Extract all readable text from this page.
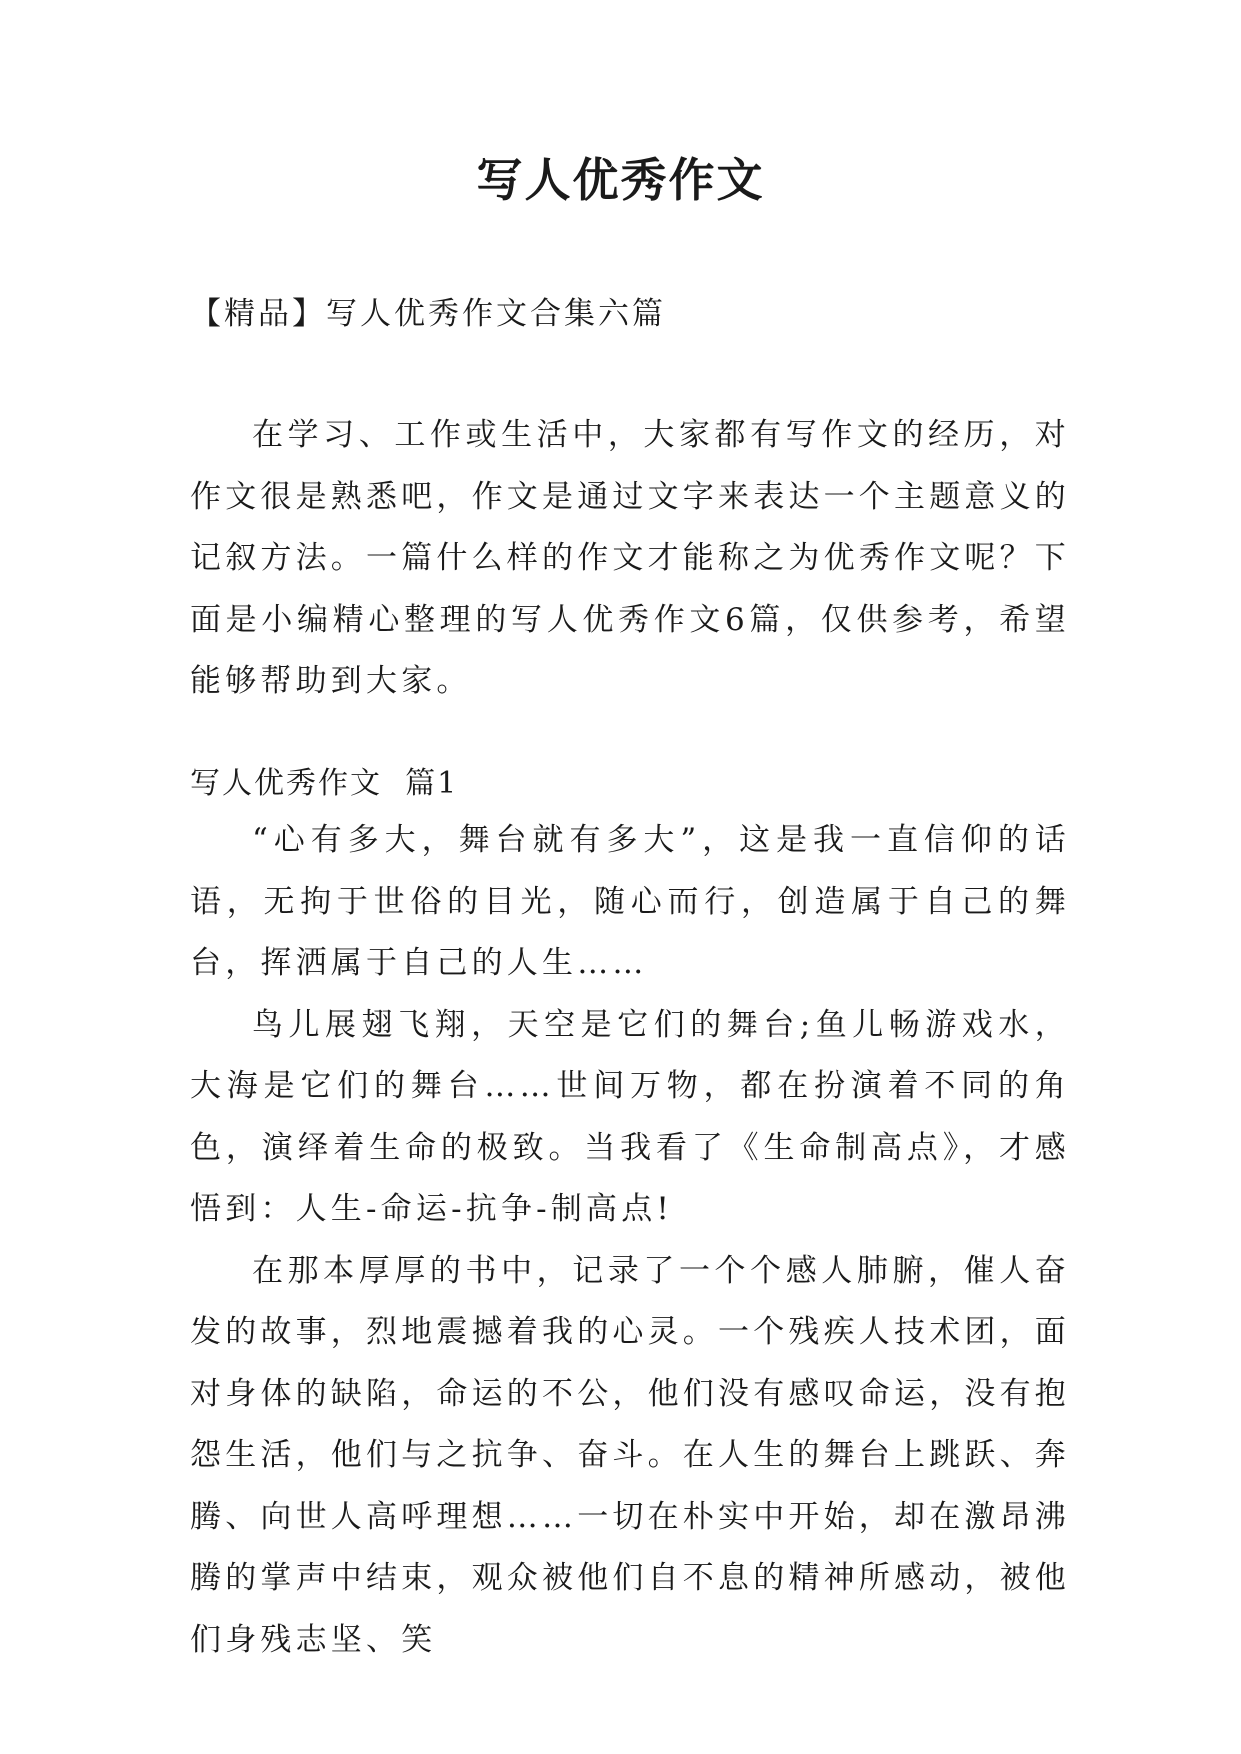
写人优秀作文
【精品】写人优秀作文合集六篇

在学习、工作或生活中，大家都有写作文的经历，对作文很是熟悉吧，作文是通过文字来表达一个主题意义的记叙方法。一篇什么样的作文才能称之为优秀作文呢？下面是小编精心整理的写人优秀作文6篇，仅供参考，希望能够帮助到大家。

写人优秀作文  篇1

“心有多大，舞台就有多大”，这是我一直信仰的话语，无拘于世俗的目光，随心而行，创造属于自己的舞台，挥洒属于自己的人生……

鸟儿展翅飞翔，天空是它们的舞台;鱼儿畅游戏水，大海是它们的舞台……世间万物，都在扮演着不同的角色，演绎着生命的极致。当我看了《生命制高点》，才感悟到：人生-命运-抗争-制高点!

在那本厚厚的书中，记录了一个个感人肺腑，催人奋发的故事，烈地震撼着我的心灵。一个残疾人技术团，面对身体的缺陷，命运的不公，他们没有感叹命运，没有抱怨生活，他们与之抗争、奋斗。在人生的舞台上跳跃、奔腾、向世人高呼理想……一切在朴实中开始，却在激昂沸腾的掌声中结束，观众被他们自不息的精神所感动，被他们身残志坚、笑
